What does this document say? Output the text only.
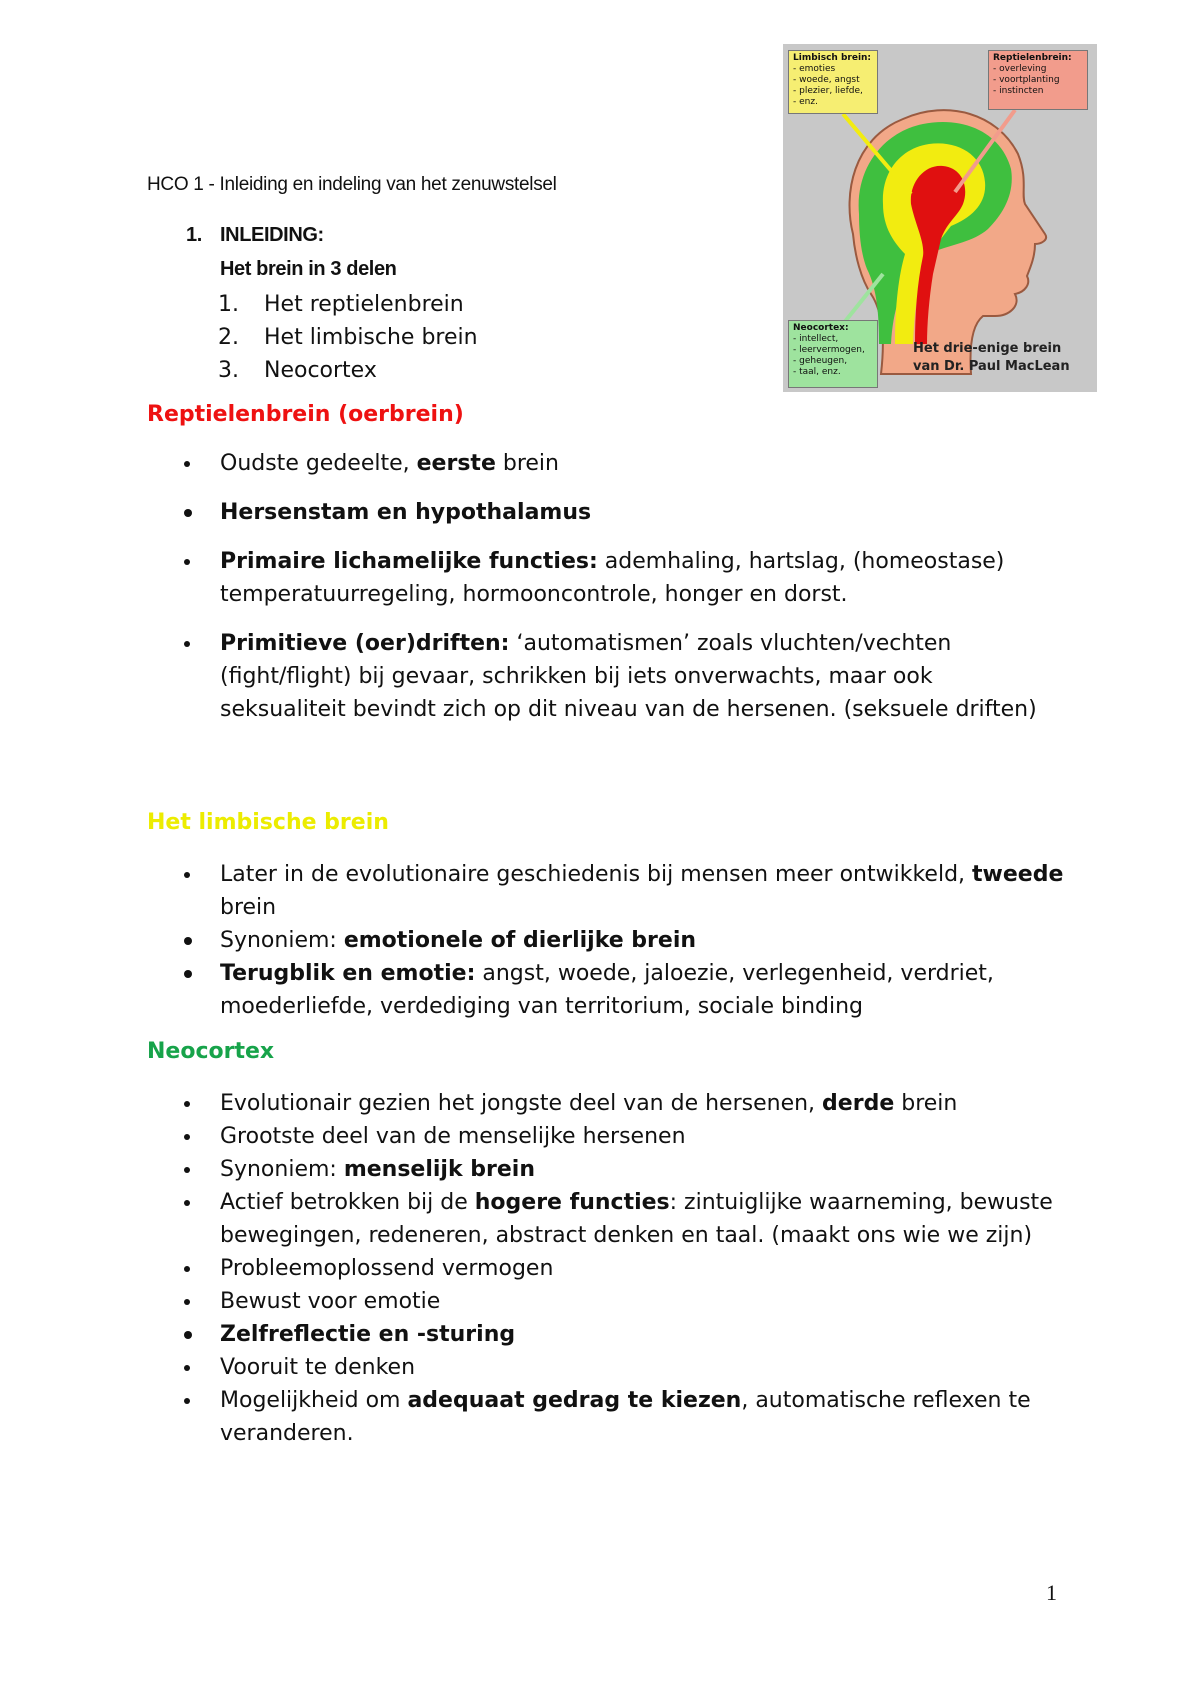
Limbisch brein:
- emoties
- woede, angst
- plezier, liefde,
- enz.
Reptielenbrein:
- overleving
- voortplanting
- instincten
Neocortex:
- intellect,
- leervermogen,
- geheugen,
- taal, enz.
Het drie-enige brein
van Dr. Paul MacLean
HCO 1 - Inleiding en indeling van het zenuwstelsel
1. INLEIDING:
Het brein in 3 delen
1. Het reptielenbrein
2. Het limbische brein
3. Neocortex
Reptielenbrein (oerbrein)
Oudste gedeelte, eerste brein
Hersenstam en hypothalamus
Primaire lichamelijke functies: ademhaling, hartslag, (homeostase) temperatuurregeling, hormooncontrole, honger en dorst.
Primitieve (oer)driften: ‘automatismen’ zoals vluchten/vechten (fight/flight) bij gevaar, schrikken bij iets onverwachts, maar ook seksualiteit bevindt zich op dit niveau van de hersenen. (seksuele driften)
Het limbische brein
Later in de evolutionaire geschiedenis bij mensen meer ontwikkeld, tweede brein
Synoniem: emotionele of dierlijke brein
Terugblik en emotie: angst, woede, jaloezie, verlegenheid, verdriet, moederliefde, verdediging van territorium, sociale binding
Neocortex
Evolutionair gezien het jongste deel van de hersenen, derde brein
Grootste deel van de menselijke hersenen
Synoniem: menselijk brein
Actief betrokken bij de hogere functies: zintuiglijke waarneming, bewuste bewegingen, redeneren, abstract denken en taal. (maakt ons wie we zijn)
Probleemoplossend vermogen
Bewust voor emotie
Zelfreflectie en -sturing
Vooruit te denken
Mogelijkheid om adequaat gedrag te kiezen, automatische reflexen te veranderen.
1
